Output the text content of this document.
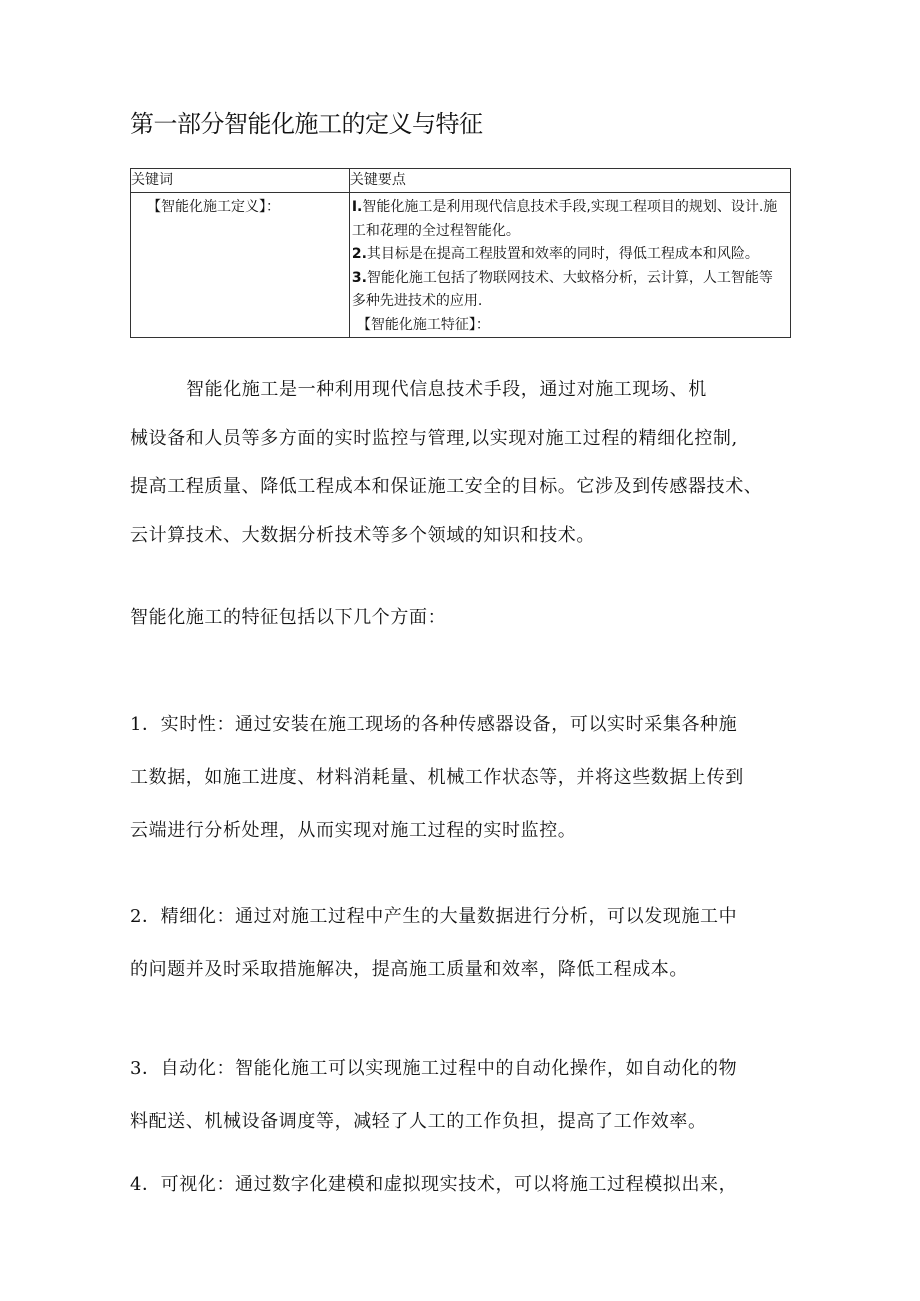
第一部分智能化施工的定义与特征
关键词	关键要点
【智能化施工定义】：	I.智能化施工是利用现代信息技术手段,实现工程项目的规划、设计.施工和花理的全过程智能化。

2.其目标是在提高工程肢置和效率的同时，得低工程成本和风险。

3.智能化施工包括了物联网技术、大蚊格分析，云计算，人工智能等多种先进技术的应用.

【智能化施工特征】：

智能化施工是一种利用现代信息技术手段，通过对施工现场、机
械设备和人员等多方面的实时监控与管理,以实现对施工过程的精细化控制,
提高工程质量、降低工程成本和保证施工安全的目标。它涉及到传感器技术、
云计算技术、大数据分析技术等多个领域的知识和技术。
智能化施工的特征包括以下几个方面：
1．实时性：通过安装在施工现场的各种传感器设备，可以实时采集各种施
工数据，如施工进度、材料消耗量、机械工作状态等，并将这些数据上传到
云端进行分析处理，从而实现对施工过程的实时监控。
2．精细化：通过对施工过程中产生的大量数据进行分析，可以发现施工中
的问题并及时采取措施解决，提高施工质量和效率，降低工程成本。
3．自动化：智能化施工可以实现施工过程中的自动化操作，如自动化的物
料配送、机械设备调度等，减轻了人工的工作负担，提高了工作效率。
4．可视化：通过数字化建模和虚拟现实技术，可以将施工过程模拟出来，
